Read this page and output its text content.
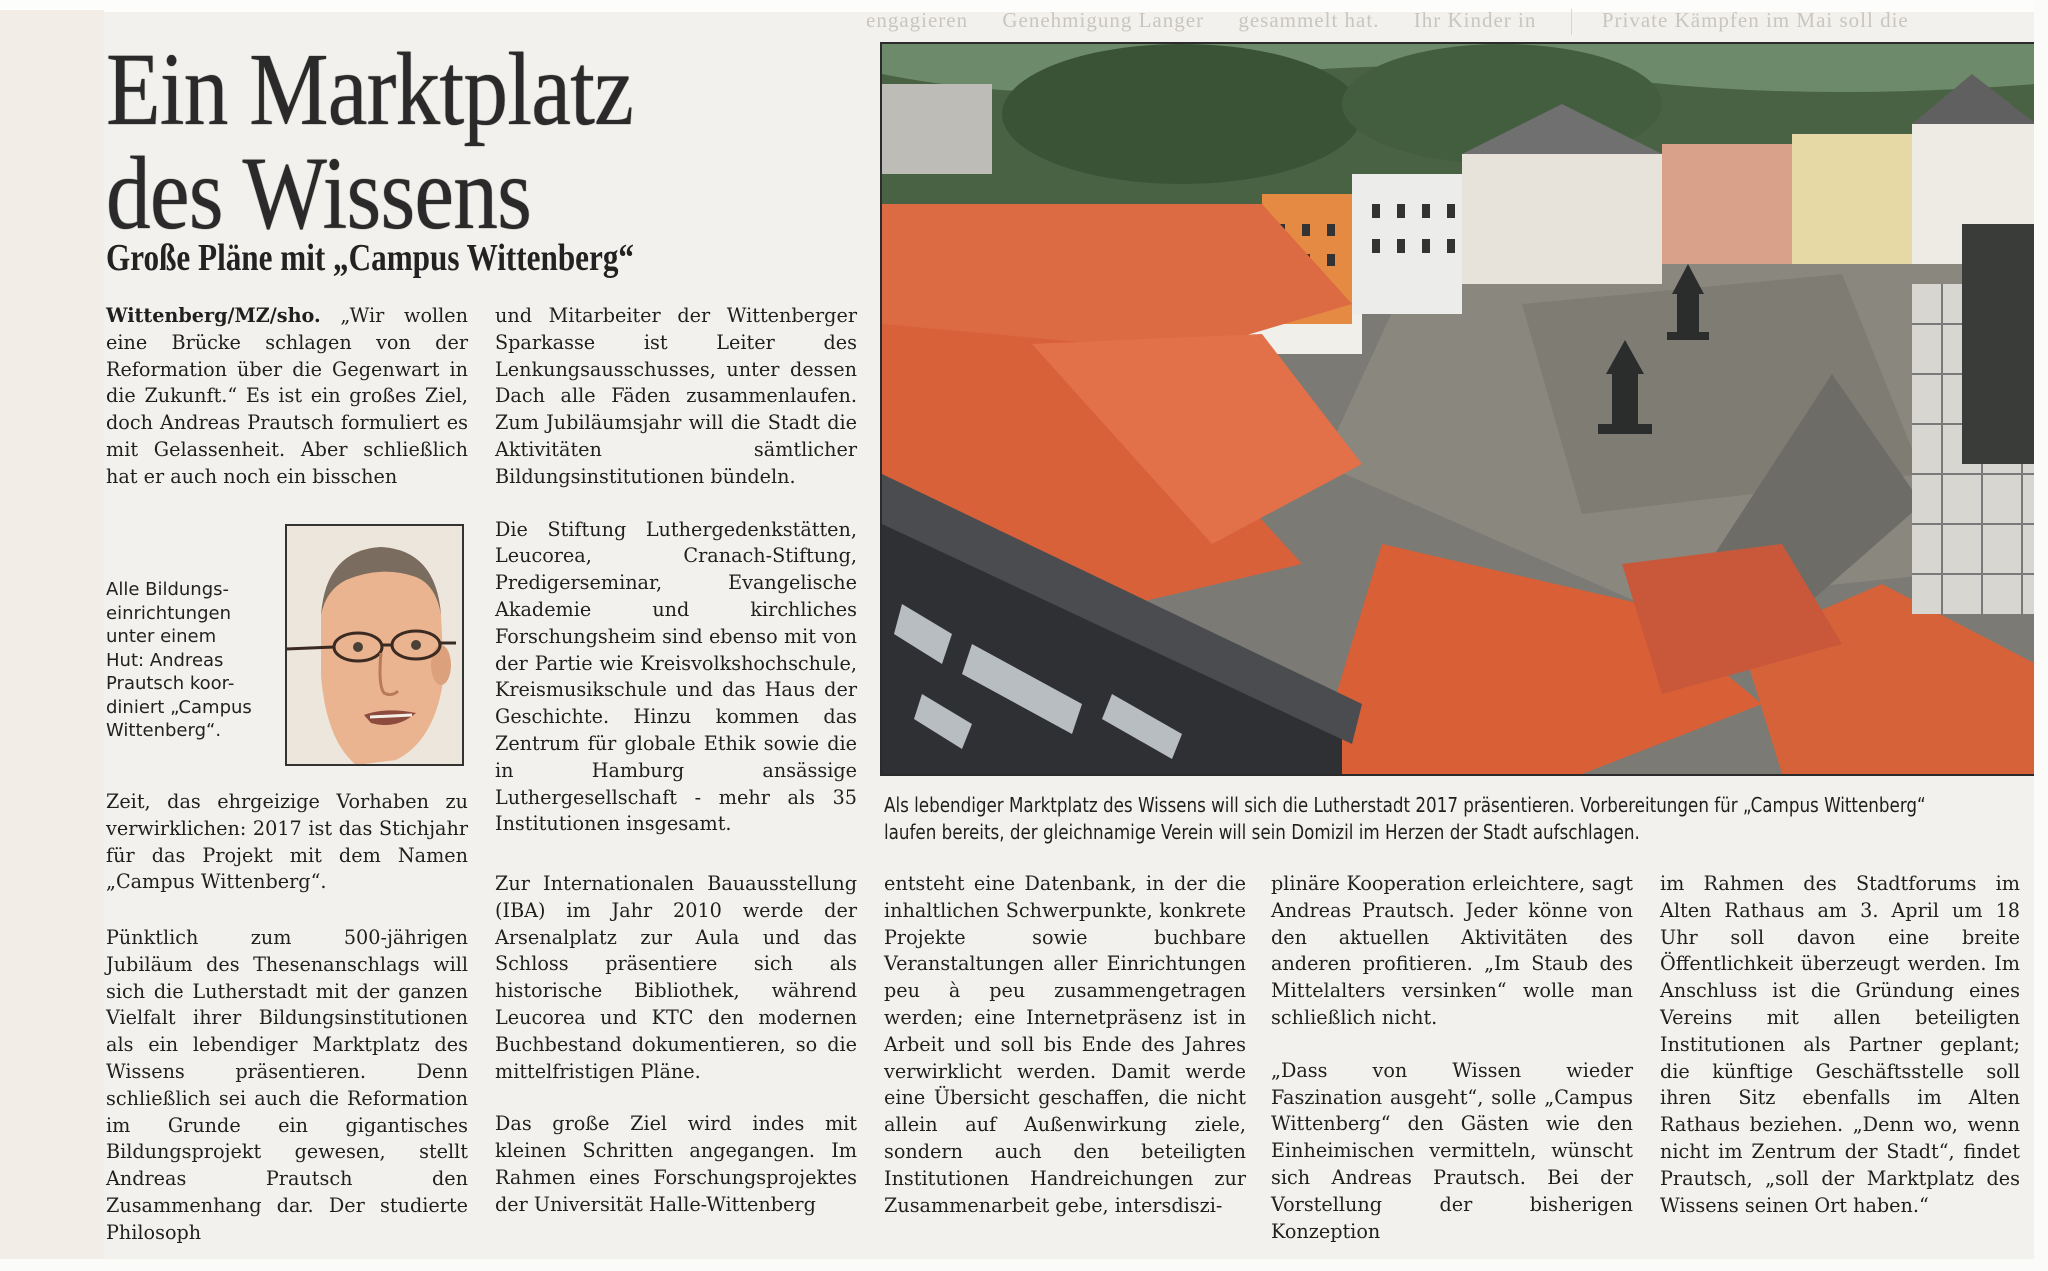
engagieren Genehmigung Langer gesammelt hat. Ihr Kinder in	Private Kämpfen im Mai soll die
Ein Marktplatz
des Wissens
Große Pläne mit „Campus Wittenberg“

Wittenberg/MZ/sho. „Wir wollen eine Brücke schlagen von der Reformation über die Gegenwart in die Zukunft.“ Es ist ein großes Ziel, doch Andreas Prautsch formuliert es mit Gelassenheit. Aber schließlich hat er auch noch ein bisschen

Alle Bildungs-
einrichtungen
unter einem
Hut: Andreas
Prautsch koor-
diniert „Campus
Wittenberg“.

Zeit, das ehrgeizige Vorhaben zu verwirklichen: 2017 ist das Stichjahr für das Projekt mit dem Namen „Campus Wittenberg“.

Pünktlich zum 500-jährigen Jubiläum des Thesenanschlags will sich die Lutherstadt mit der ganzen Vielfalt ihrer Bildungsinstitutionen als ein lebendiger Marktplatz des Wissens präsentieren. Denn schließlich sei auch die Reformation im Grunde ein gigantisches Bildungsprojekt gewesen, stellt Andreas Prautsch den Zusammenhang dar. Der studierte Philosoph

und Mitarbeiter der Wittenberger Sparkasse ist Leiter des Lenkungsausschusses, unter dessen Dach alle Fäden zusammenlaufen. Zum Jubiläumsjahr will die Stadt die Aktivitäten sämtlicher Bildungsinstitutionen bündeln.

Die Stiftung Luthergedenkstätten, Leucorea, Cranach-Stiftung, Predigerseminar, Evangelische Akademie und kirchliches Forschungsheim sind ebenso mit von der Partie wie Kreisvolkshochschule, Kreismusikschule und das Haus der Geschichte. Hinzu kommen das Zentrum für globale Ethik sowie die in Hamburg ansässige Luthergesellschaft - mehr als 35 Institutionen insgesamt.

Zur Internationalen Bauausstellung (IBA) im Jahr 2010 werde der Arsenalplatz zur Aula und das Schloss präsentiere sich als historische Bibliothek, während Leucorea und KTC den modernen Buchbestand dokumentieren, so die mittelfristigen Pläne.

Das große Ziel wird indes mit kleinen Schritten angegangen. Im Rahmen eines Forschungsprojektes der Universität Halle-Wittenberg

Als lebendiger Marktplatz des Wissens will sich die Lutherstadt 2017 präsentieren. Vorbereitungen für „Campus Wittenberg“ laufen bereits, der gleichnamige Verein will sein Domizil im Herzen der Stadt aufschlagen.

entsteht eine Datenbank, in der die inhaltlichen Schwerpunkte, konkrete Projekte sowie buchbare Veranstaltungen aller Einrichtungen peu à peu zusammengetragen werden; eine Internetpräsenz ist in Arbeit und soll bis Ende des Jahres verwirklicht werden. Damit werde eine Übersicht geschaffen, die nicht allein auf Außenwirkung ziele, sondern auch den beteiligten Institutionen Handreichungen zur Zusammenarbeit gebe, intersdiszi-

plinäre Kooperation erleichtere, sagt Andreas Prautsch. Jeder könne von den aktuellen Aktivitäten des anderen profitieren. „Im Staub des Mittelalters versinken“ wolle man schließlich nicht.

„Dass von Wissen wieder Faszination ausgeht“, solle „Campus Wittenberg“ den Gästen wie den Einheimischen vermitteln, wünscht sich Andreas Prautsch. Bei der Vorstellung der bisherigen Konzeption

im Rahmen des Stadtforums im Alten Rathaus am 3. April um 18 Uhr soll davon eine breite Öffentlichkeit überzeugt werden. Im Anschluss ist die Gründung eines Vereins mit allen beteiligten Institutionen als Partner geplant; die künftige Geschäftsstelle soll ihren Sitz ebenfalls im Alten Rathaus beziehen. „Denn wo, wenn nicht im Zentrum der Stadt“, findet Prautsch, „soll der Marktplatz des Wissens seinen Ort haben.“
